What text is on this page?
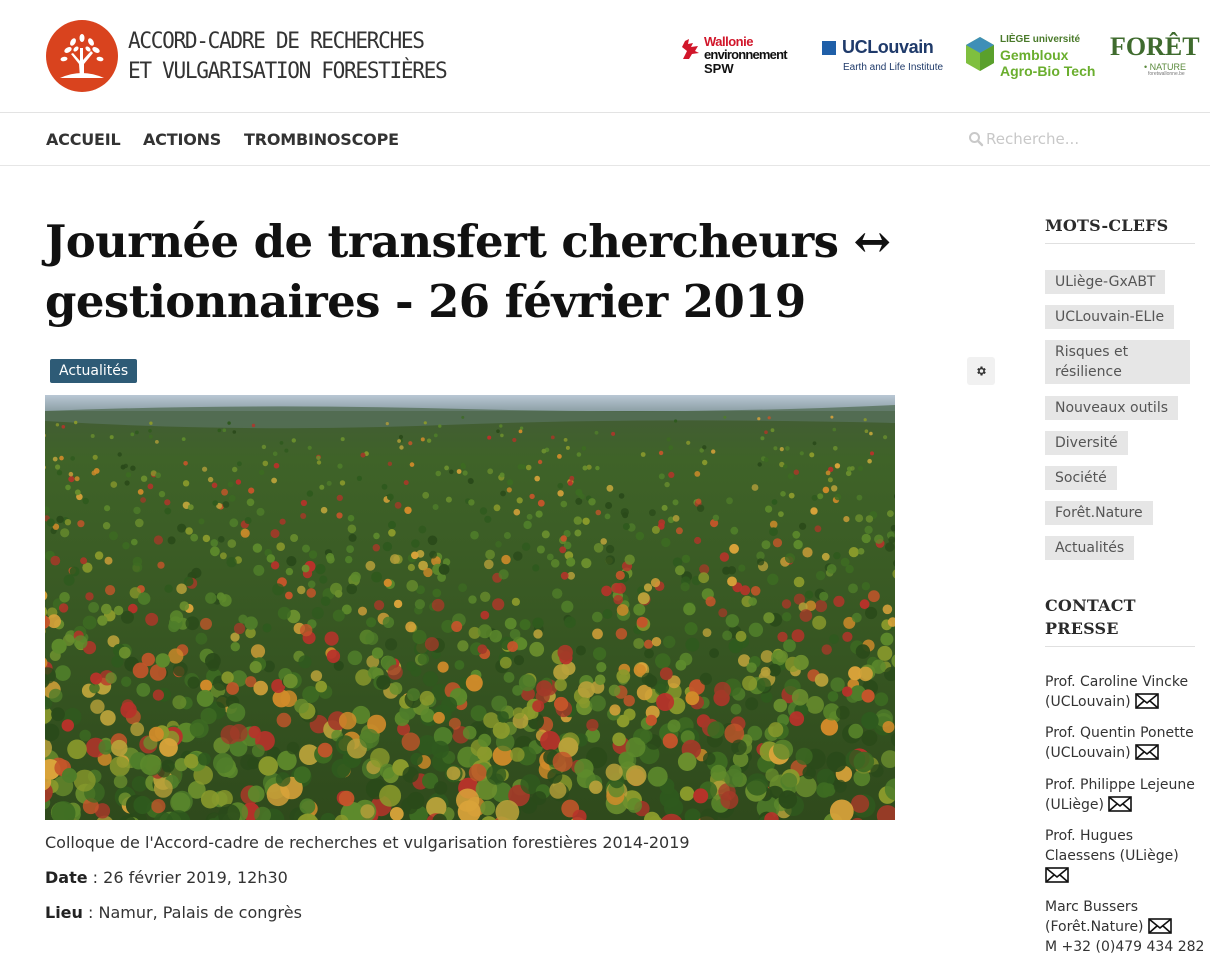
ACCORD-CADRE DE RECHERCHES
ET VULGARISATION FORESTIÈRES
Wallonie
environnement
SPW
UCLouvain
Earth and Life Institute
LIÈGE université
Gembloux
Agro-Bio Tech
FORÊT
• NATURE
foretwallonne.be
ACCUEIL ACTIONS TROMBINOSCOPE
Recherche...
Journée de transfert chercheurs ↔
gestionnaires - 26 février 2019
Actualités
Colloque de l'Accord-cadre de recherches et vulgarisation forestières 2014-2019
Date : 26 février 2019, 12h30
Lieu : Namur, Palais de congrès
MOTS-CLEFS
ULiège-GxABT
UCLouvain-ELIe
Risques et
résilience
Nouveaux outils
Diversité
Société
Forêt.Nature
Actualités
CONTACT
PRESSE
Prof. Caroline Vincke
(UCLouvain)
Prof. Quentin Ponette
(UCLouvain)
Prof. Philippe Lejeune
(ULiège)
Prof. Hugues
Claessens (ULiège)

Marc Bussers
(Forêt.Nature)
M +32 (0)479 434 282
